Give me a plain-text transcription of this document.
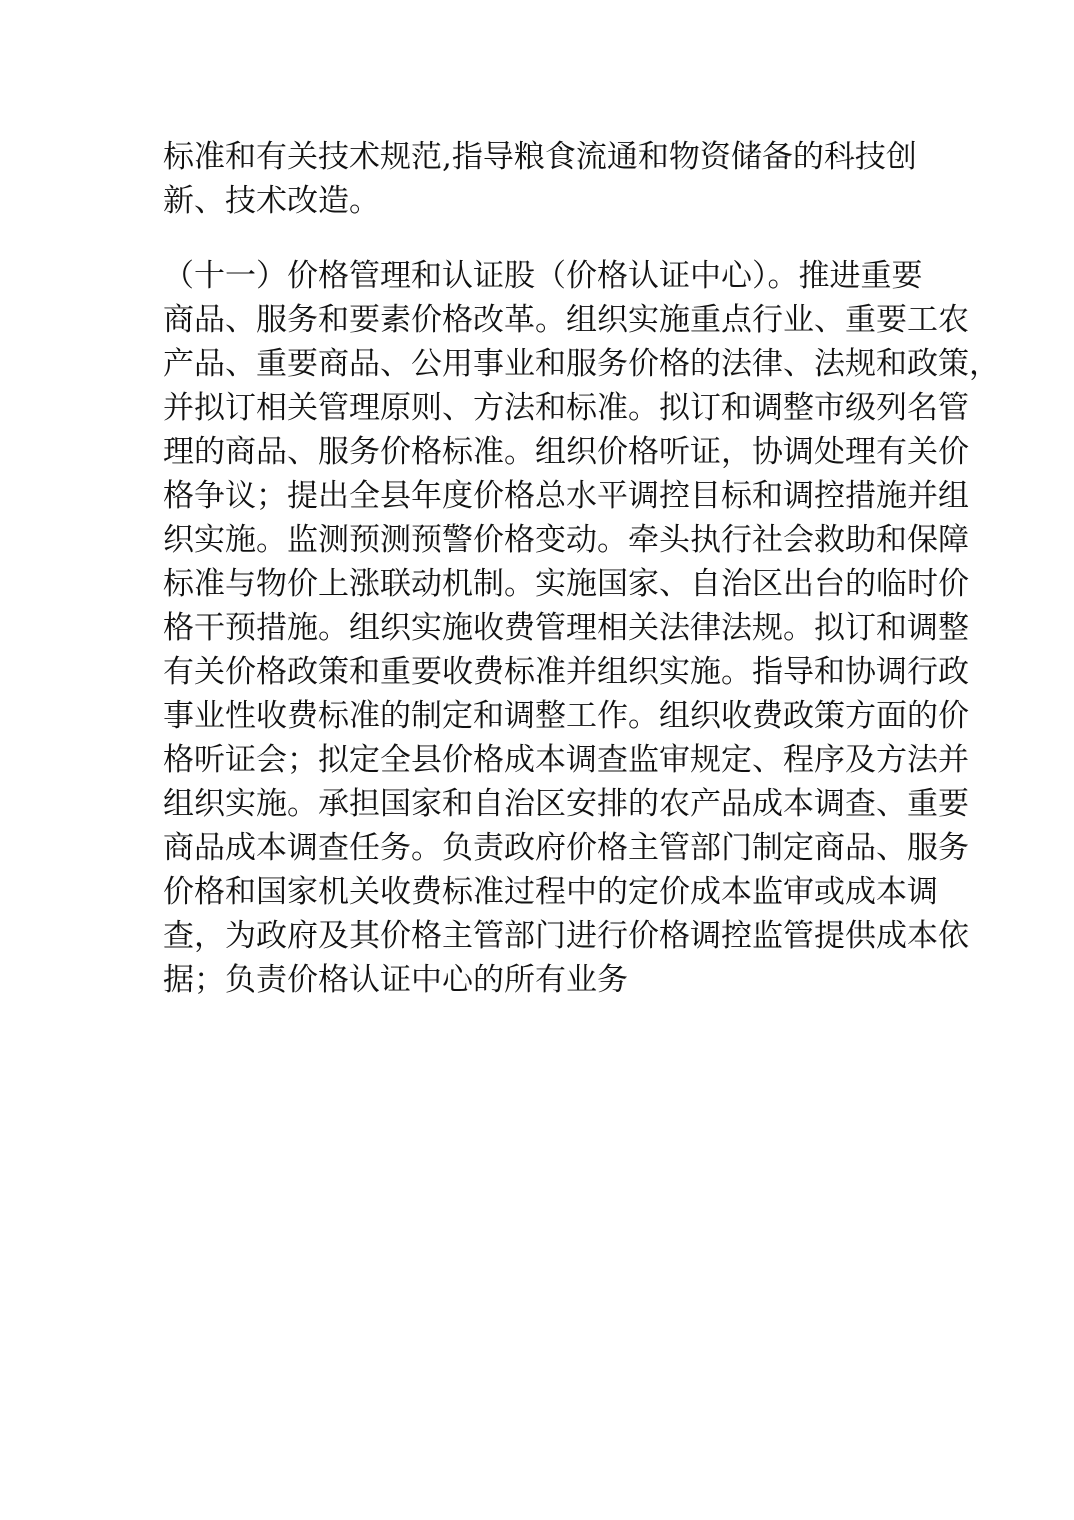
标准和有关技术规范,指导粮食流通和物资储备的科技创
新、技术改造。
（十一）价格管理和认证股（价格认证中心）。推进重要
商品、服务和要素价格改革。组织实施重点行业、重要工农
产品、重要商品、公用事业和服务价格的法律、法规和政策，
并拟订相关管理原则、方法和标准。拟订和调整市级列名管
理的商品、服务价格标准。组织价格听证，协调处理有关价
格争议；提出全县年度价格总水平调控目标和调控措施并组
织实施。监测预测预警价格变动。牵头执行社会救助和保障
标准与物价上涨联动机制。实施国家、自治区出台的临时价
格干预措施。组织实施收费管理相关法律法规。拟订和调整
有关价格政策和重要收费标准并组织实施。指导和协调行政
事业性收费标准的制定和调整工作。组织收费政策方面的价
格听证会；拟定全县价格成本调查监审规定、程序及方法并
组织实施。承担国家和自治区安排的农产品成本调查、重要
商品成本调查任务。负责政府价格主管部门制定商品、服务
价格和国家机关收费标准过程中的定价成本监审或成本调
查，为政府及其价格主管部门进行价格调控监管提供成本依
据；负责价格认证中心的所有业务
